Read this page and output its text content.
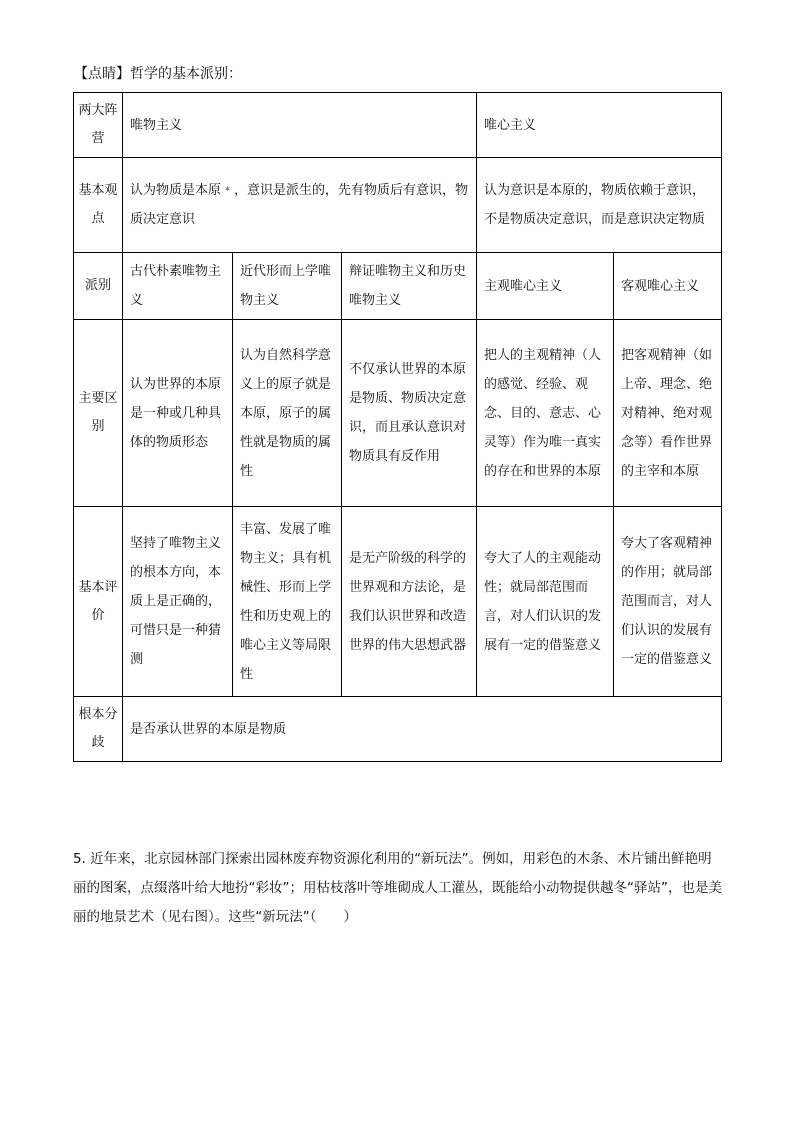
【点睛】哲学的基本派别：
两大阵营	唯物主义			唯心主义	
基本观点	认为物质是本原﹡，意识是派生的，先有物质后有意识，物质决定意识			认为意识是本原的，物质依赖于意识，不是物质决定意识，而是意识决定物质	
派别	古代朴素唯物主义	近代形而上学唯物主义	辩证唯物主义和历史唯物主义	主观唯心主义	客观唯心主义
主要区别	认为世界的本原是一种或几种具体的物质形态	认为自然科学意义上的原子就是本原，原子的属性就是物质的属性	不仅承认世界的本原是物质、物质决定意识，而且承认意识对物质具有反作用	把人的主观精神（人的感觉、经验、观念、目的、意志、心灵等）作为唯一真实的存在和世界的本原	把客观精神（如上帝、理念、绝对精神、绝对观念等）看作世界的主宰和本原
基本评价	坚持了唯物主义的根本方向，本质上是正确的，可惜只是一种猜测	丰富、发展了唯物主义；具有机械性、形而上学性和历史观上的唯心主义等局限性	是无产阶级的科学的世界观和方法论，是我们认识世界和改造世界的伟大思想武器	夸大了人的主观能动性；就局部范围而言，对人们认识的发展有一定的借鉴意义	夸大了客观精神的作用；就局部范围而言，对人们认识的发展有一定的借鉴意义
根本分歧	是否承认世界的本原是物质				
5. 近年来，北京园林部门探索出园林废弃物资源化利用的“新玩法”。例如，用彩色的木条、木片铺出鲜艳明丽的图案，点缀落叶给大地扮“彩妆”；用枯枝落叶等堆砌成人工灌丛，既能给小动物提供越冬“驿站”，也是美丽的地景艺术（见右图）。这些“新玩法”（　　）
